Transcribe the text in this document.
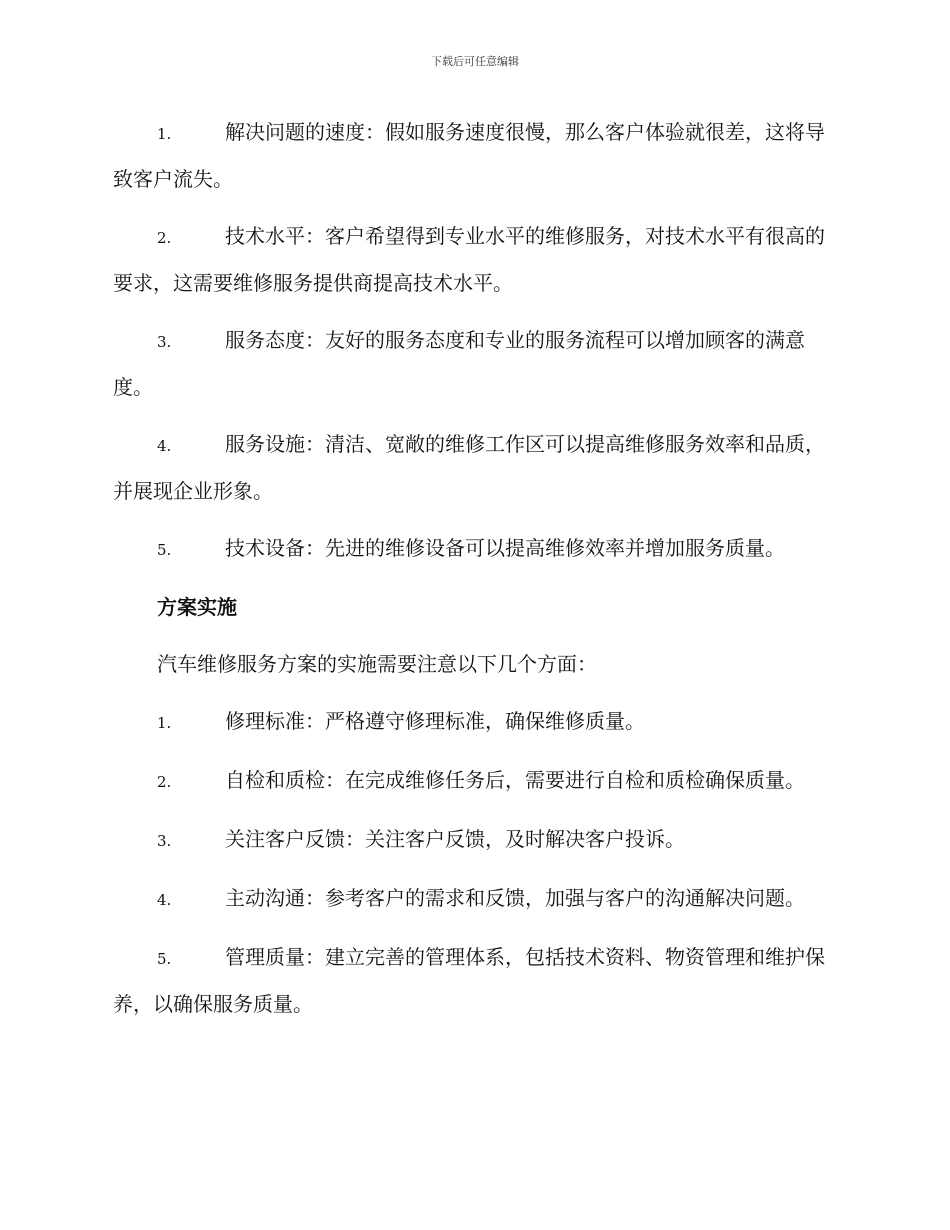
下载后可任意编辑

1.	解决问题的速度：假如服务速度很慢，那么客户体验就很差，这将导致客户流失。

2.	技术水平：客户希望得到专业水平的维修服务，对技术水平有很高的要求，这需要维修服务提供商提高技术水平。

3.	服务态度：友好的服务态度和专业的服务流程可以增加顾客的满意度。

4.	服务设施：清洁、宽敞的维修工作区可以提高维修服务效率和品质，并展现企业形象。

5.	技术设备：先进的维修设备可以提高维修效率并增加服务质量。

方案实施

汽车维修服务方案的实施需要注意以下几个方面：

1.	修理标准：严格遵守修理标准，确保维修质量。

2.	自检和质检：在完成维修任务后，需要进行自检和质检确保质量。

3.	关注客户反馈：关注客户反馈，及时解决客户投诉。

4.	主动沟通：参考客户的需求和反馈，加强与客户的沟通解决问题。

5.	管理质量：建立完善的管理体系，包括技术资料、物资管理和维护保养，以确保服务质量。
